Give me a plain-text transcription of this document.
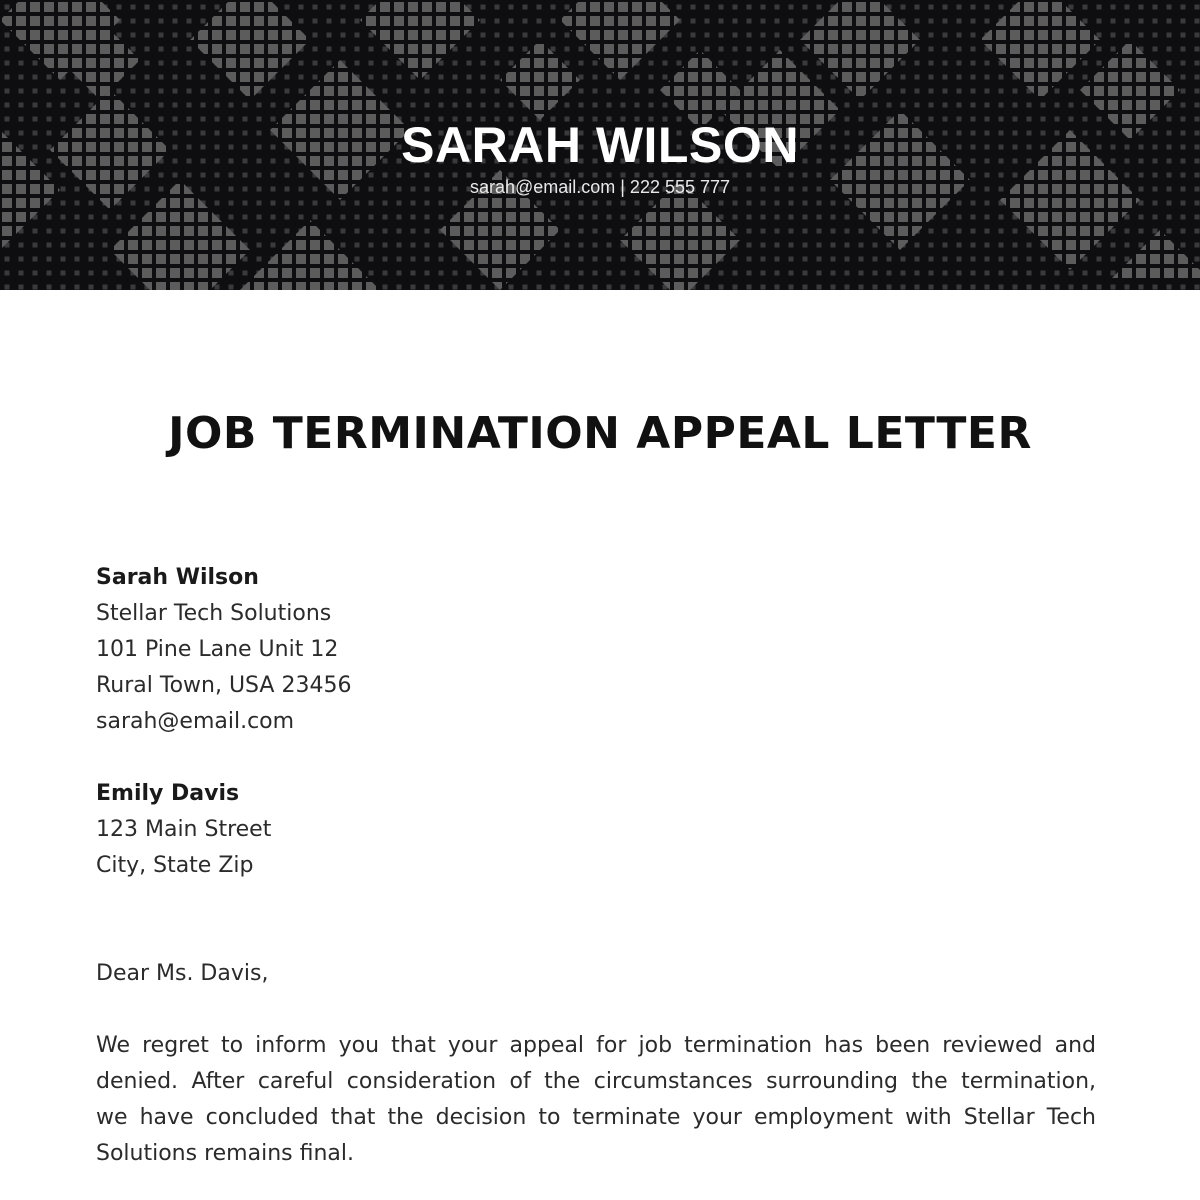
SARAH WILSON
sarah@email.com | 222 555 777
JOB TERMINATION APPEAL LETTER
Sarah Wilson
Stellar Tech Solutions
101 Pine Lane Unit 12
Rural Town, USA 23456
sarah@email.com
Emily Davis
123 Main Street
City, State Zip
Dear Ms. Davis,
We regret to inform you that your appeal for job termination has been reviewed and
denied. After careful consideration of the circumstances surrounding the termination,
we have concluded that the decision to terminate your employment with Stellar Tech
Solutions remains final.
